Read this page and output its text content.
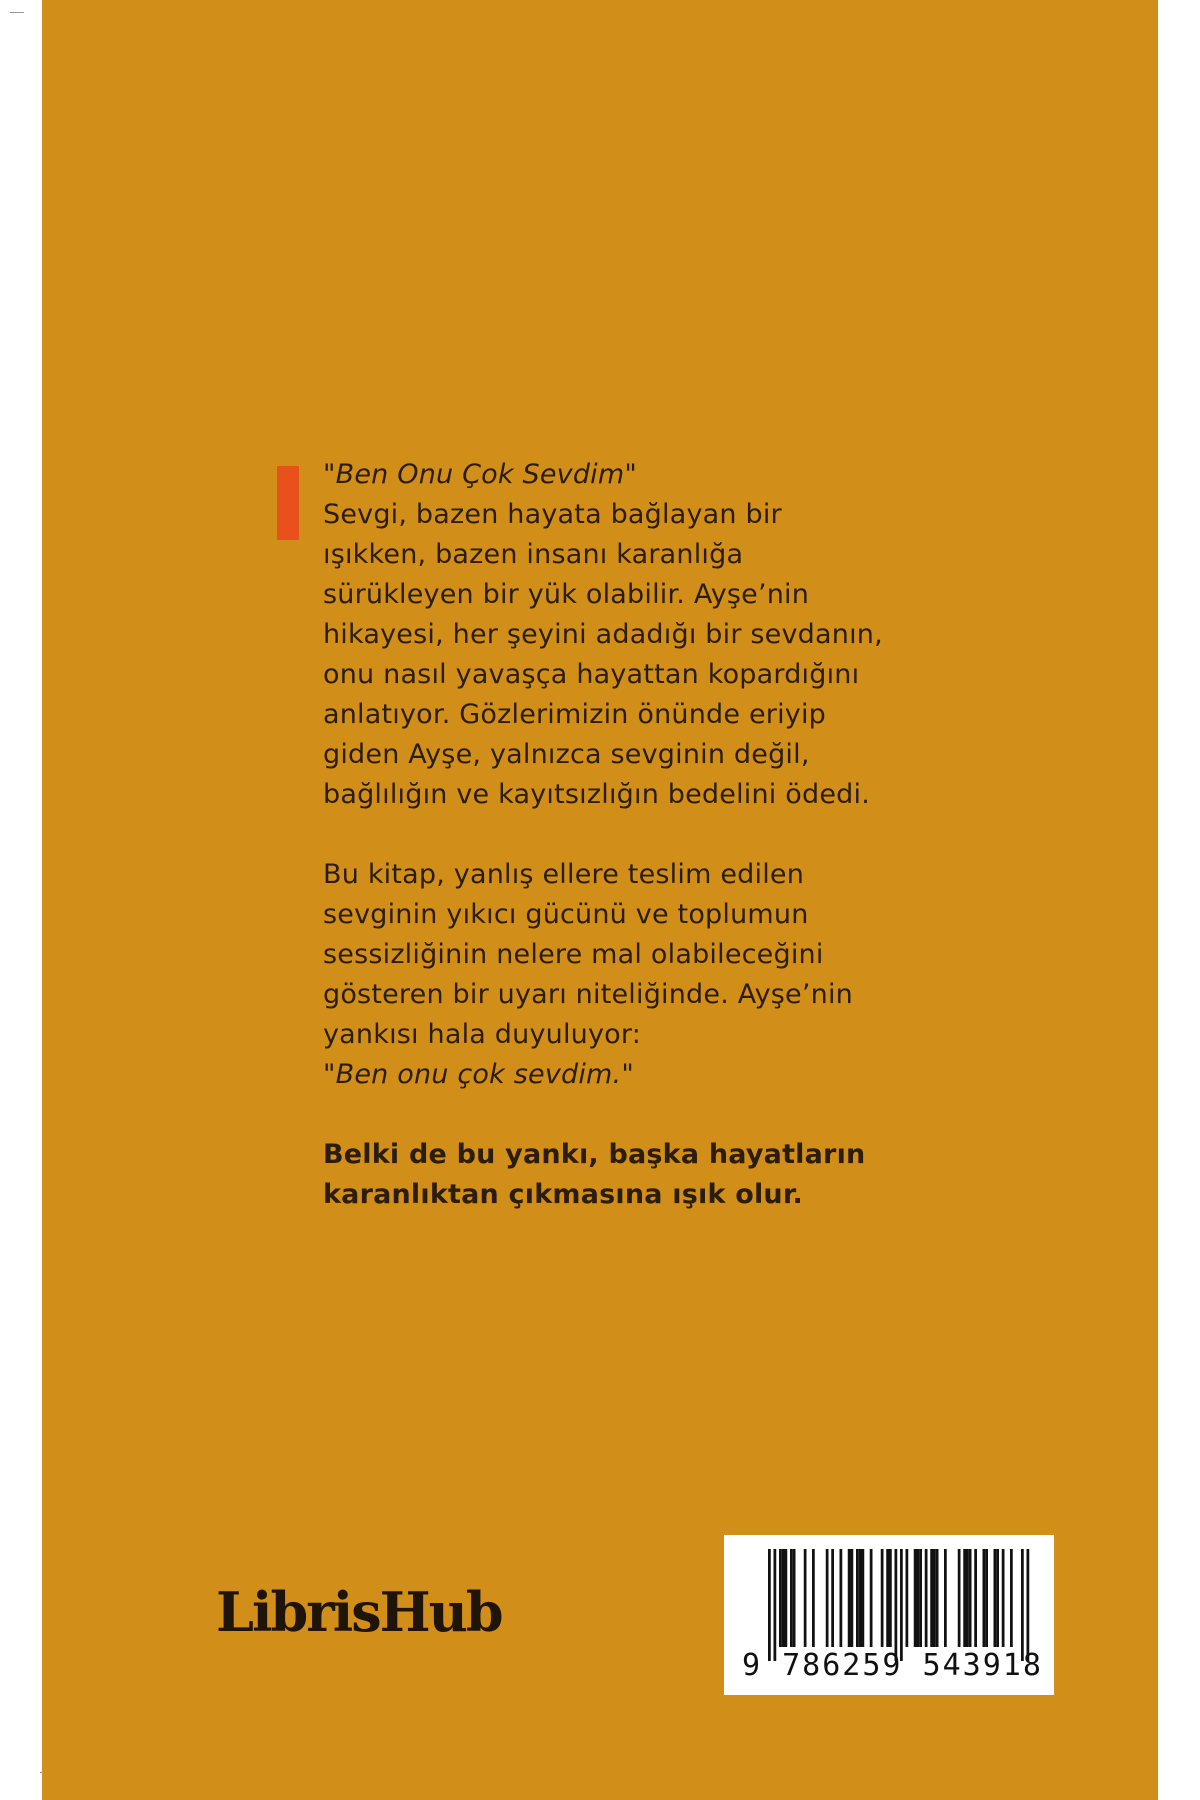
"Ben Onu Çok Sevdim"

Sevgi, bazen hayata bağlayan bir
ışıkken, bazen insanı karanlığa
sürükleyen bir yük olabilir. Ayşe’nin
hikayesi, her şeyini adadığı bir sevdanın,
onu nasıl yavaşça hayattan kopardığını
anlatıyor. Gözlerimizin önünde eriyip
giden Ayşe, yalnızca sevginin değil,
bağlılığın ve kayıtsızlığın bedelini ödedi.

Bu kitap, yanlış ellere teslim edilen
sevginin yıkıcı gücünü ve toplumun
sessizliğinin nelere mal olabileceğini
gösteren bir uyarı niteliğinde. Ayşe’nin
yankısı hala duyuluyor:
"Ben onu çok sevdim."

Belki de bu yankı, başka hayatların
karanlıktan çıkmasına ışık olur.

LibrisHub
9 786259 543918
